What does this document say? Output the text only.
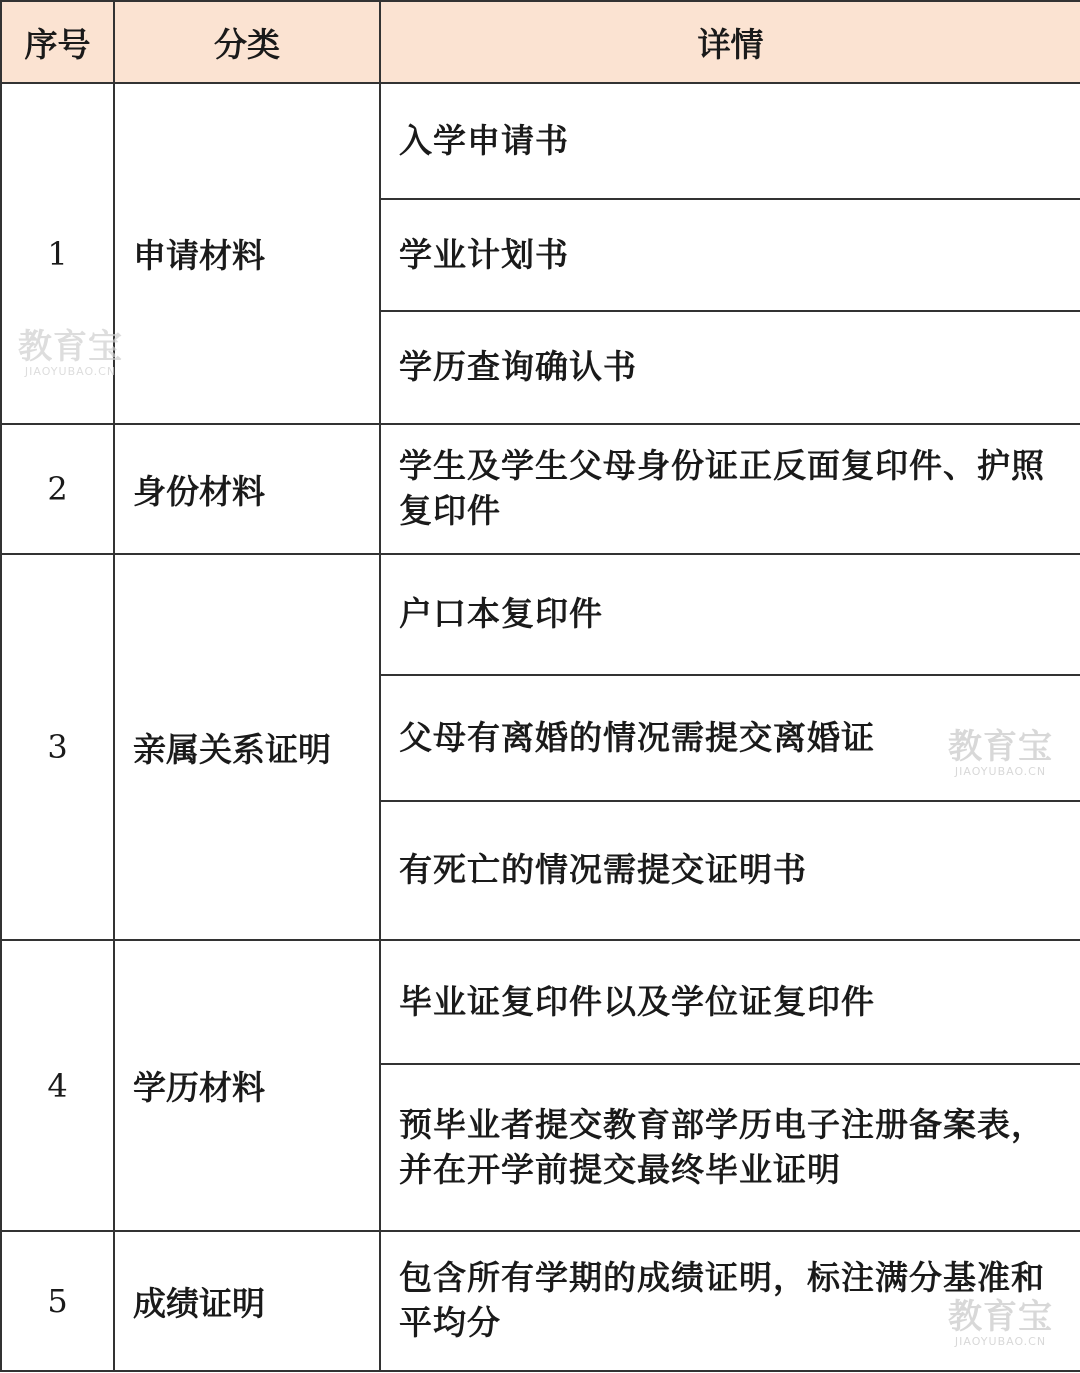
序号	分类	详情
1	申请材料	入学申请书
		学业计划书
		学历查询确认书
2	身份材料	学生及学生父母身份证正反面复印件、护照复印件
3	亲属关系证明	户口本复印件
		父母有离婚的情况需提交离婚证
		有死亡的情况需提交证明书
4	学历材料	毕业证复印件以及学位证复印件
		预毕业者提交教育部学历电子注册备案表，并在开学前提交最终毕业证明
5	成绩证明	包含所有学期的成绩证明，标注满分基准和平均分
教育宝
JIAOYUBAO.CN
教育宝
JIAOYUBAO.CN
教育宝
JIAOYUBAO.CN
